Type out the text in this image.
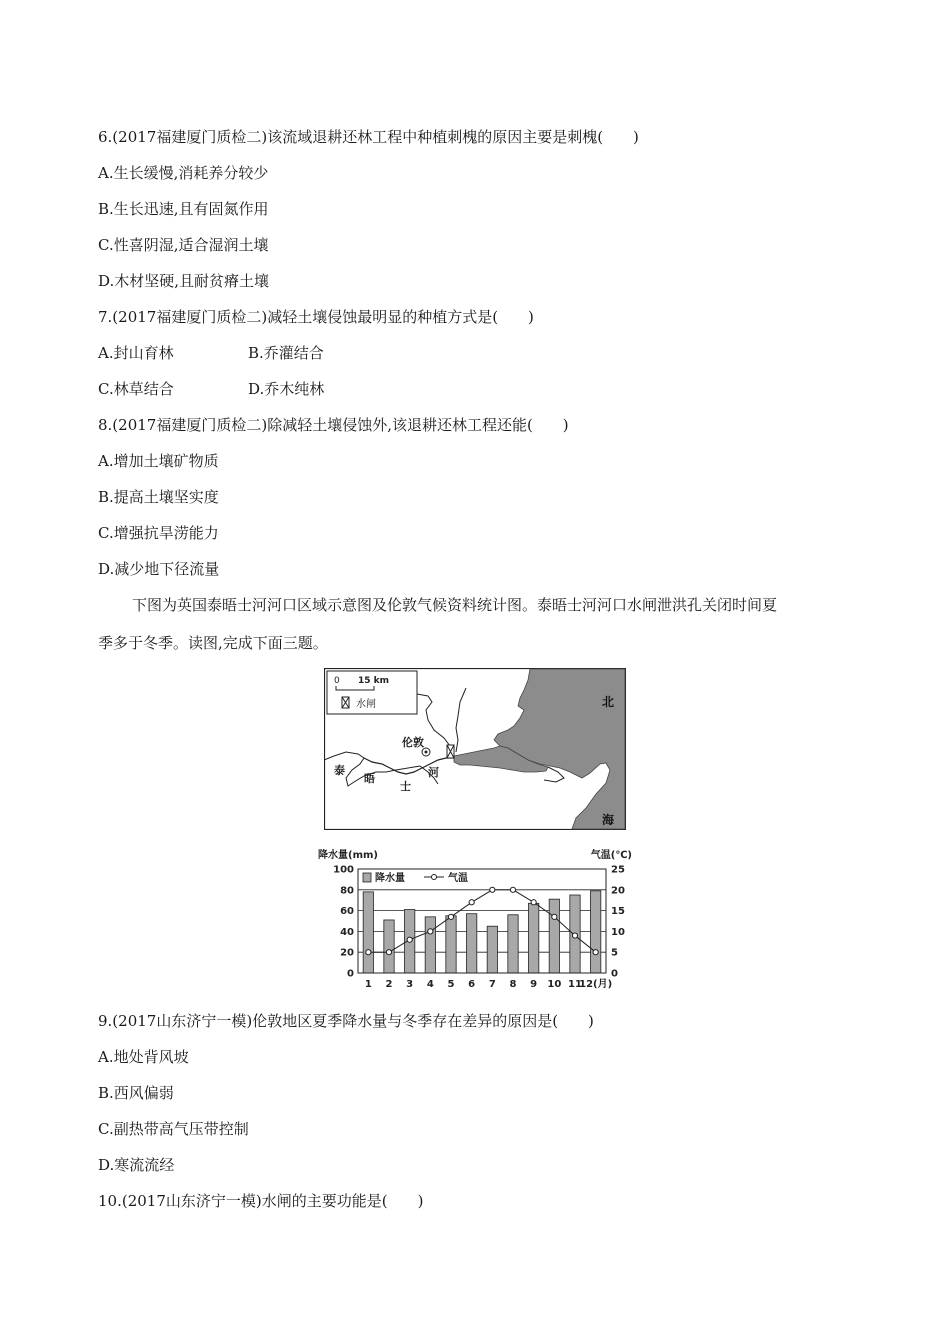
6.(2017福建厦门质检二)该流域退耕还林工程中种植刺槐的原因主要是刺槐(　　)
A.生长缓慢,消耗养分较少
B.生长迅速,且有固氮作用
C.性喜阴湿,适合湿润土壤
D.木材坚硬,且耐贫瘠土壤
7.(2017福建厦门质检二)减轻土壤侵蚀最明显的种植方式是(　　)
A.封山育林	B.乔灌结合
C.林草结合	D.乔木纯林
8.(2017福建厦门质检二)除减轻土壤侵蚀外,该退耕还林工程还能(　　)
A.增加土壤矿物质
B.提高土壤坚实度
C.增强抗旱涝能力
D.减少地下径流量
下图为英国泰晤士河河口区域示意图及伦敦气候资料统计图。泰晤士河河口水闸泄洪孔关闭时间夏
季多于冬季。读图,完成下面三题。
0 15 km
水闸
伦敦
泰
晤
士
河
北
海
降水量(mm)	气温(℃)
0
20
40
60
80
100
0
5
10
15
20
25
1 2 3 4 5 6 7 8 9 10 11
12(月)
降水量	气温
9.(2017山东济宁一模)伦敦地区夏季降水量与冬季存在差异的原因是(　　)
A.地处背风坡
B.西风偏弱
C.副热带高气压带控制
D.寒流流经
10.(2017山东济宁一模)水闸的主要功能是(　　)
